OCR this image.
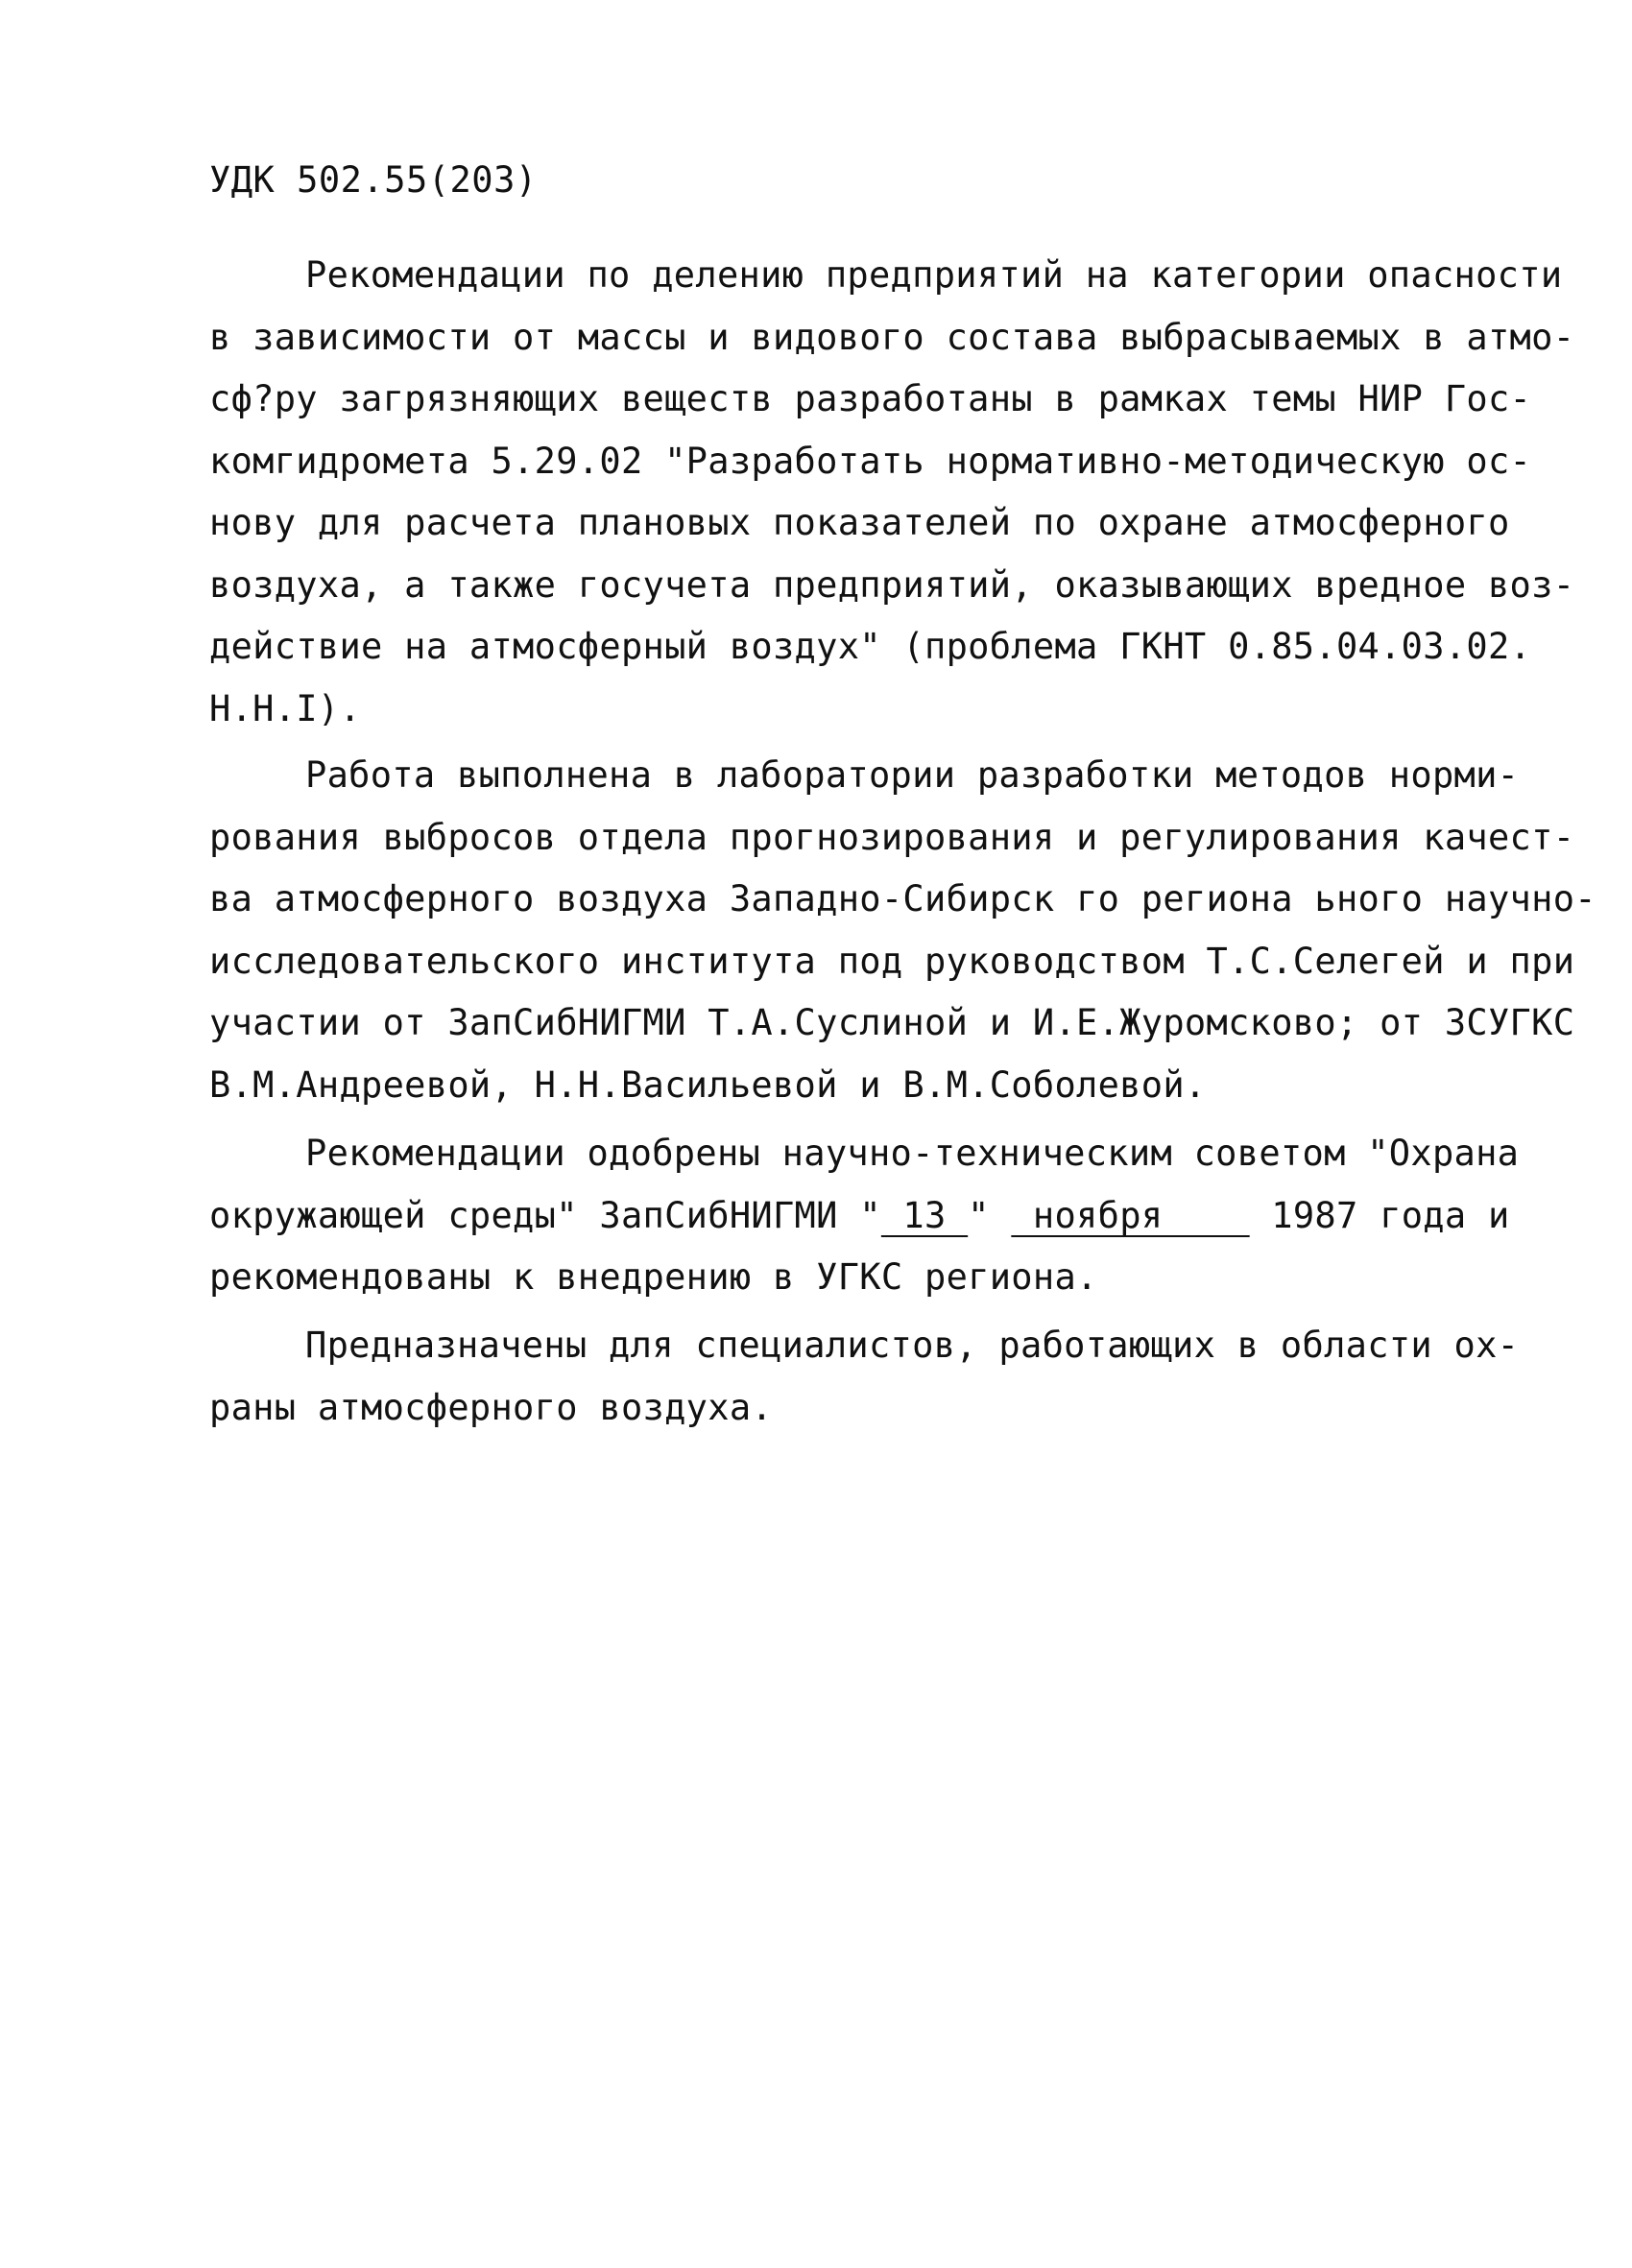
УДК 502.55(203)
Рекомендации по делению предприятий на категории опасности
в зависимости от массы и видового состава выбрасываемых в атмо-
сф?ру загрязняющих веществ разработаны в рамках темы НИР Гос-
комгидромета 5.29.02 "Разработать нормативно-методическую ос-
нову для расчета плановых показателей по охране атмосферного
воздуха, а также госучета предприятий, оказывающих вредное воз-
действие на атмосферный воздух" (проблема ГКНТ 0.85.04.03.02.
Н.Н.I).
Работа выполнена в лаборатории разработки методов норми-
рования выбросов отдела прогнозирования и регулирования качест-
ва атмосферного воздуха Западно-Сибирск го региона ьного научно-
исследовательского института под руководством Т.С.Селегей и при
участии от ЗапСибНИГМИ Т.А.Суслиной и И.Е.Журомсково; от ЗСУГКС
В.М.Андреевой, Н.Н.Васильевой и В.М.Соболевой.
Рекомендации одобрены научно-техническим советом "Охрана
окружающей среды" ЗапСибНИГМИ " 13 "  ноября     1987 года и
рекомендованы к внедрению в УГКС региона.
Предназначены для специалистов, работающих в области ох-
раны атмосферного воздуха.
